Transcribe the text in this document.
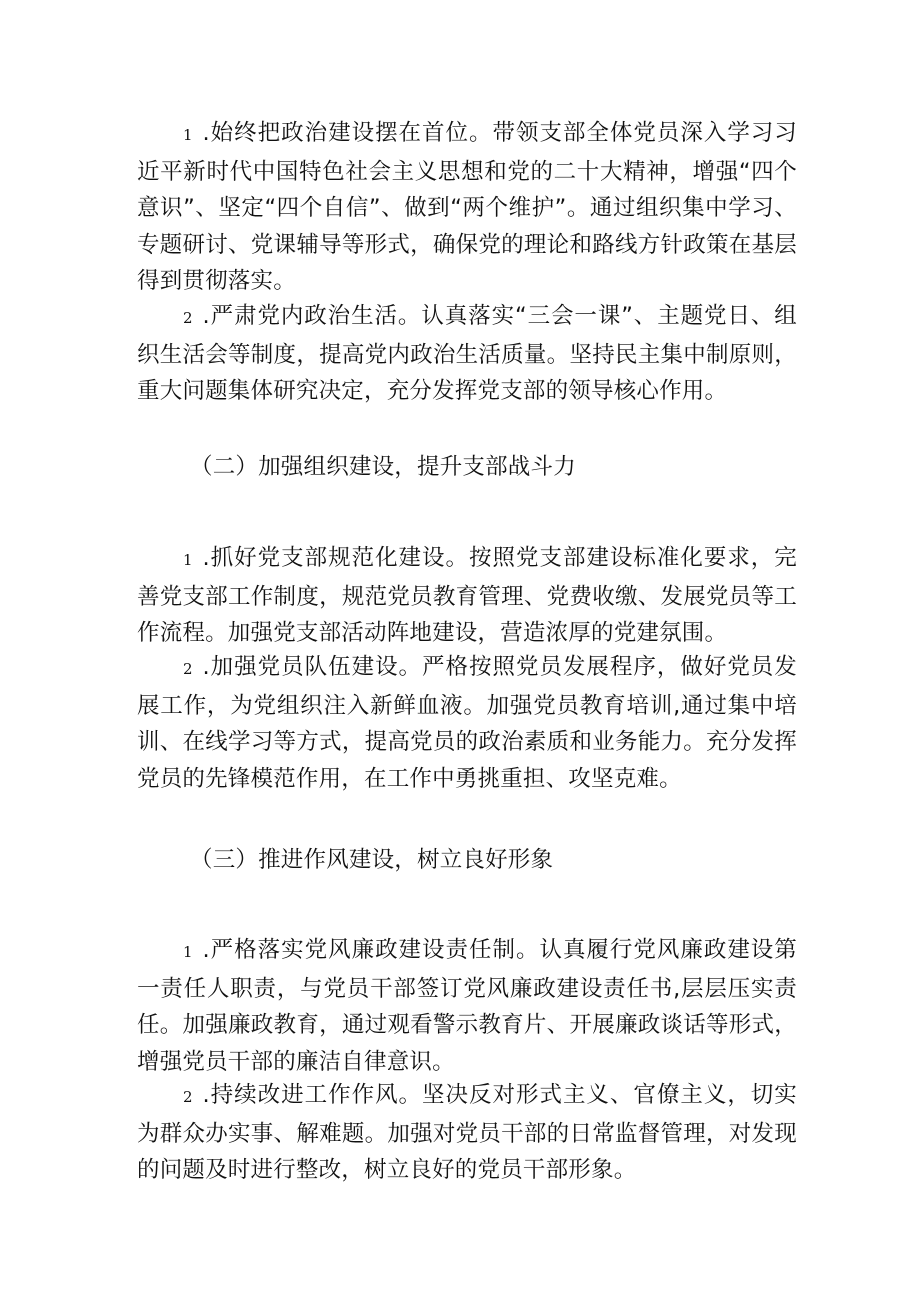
1 .始终把政治建设摆在首位。带领支部全体党员深入学习习近平新时代中国特色社会主义思想和党的二十大精神，增强“四个意识”、坚定“四个自信”、做到“两个维护”。通过组织集中学习、专题研讨、党课辅导等形式，确保党的理论和路线方针政策在基层得到贯彻落实。

2 .严肃党内政治生活。认真落实“三会一课”、主题党日、组织生活会等制度，提高党内政治生活质量。坚持民主集中制原则，重大问题集体研究决定，充分发挥党支部的领导核心作用。

（二）加强组织建设，提升支部战斗力

1 .抓好党支部规范化建设。按照党支部建设标准化要求，完善党支部工作制度，规范党员教育管理、党费收缴、发展党员等工作流程。加强党支部活动阵地建设，营造浓厚的党建氛围。

2 .加强党员队伍建设。严格按照党员发展程序，做好党员发展工作，为党组织注入新鲜血液。加强党员教育培训,通过集中培训、在线学习等方式，提高党员的政治素质和业务能力。充分发挥党员的先锋模范作用，在工作中勇挑重担、攻坚克难。

（三）推进作风建设，树立良好形象

1 .严格落实党风廉政建设责任制。认真履行党风廉政建设第一责任人职责，与党员干部签订党风廉政建设责任书,层层压实责任。加强廉政教育，通过观看警示教育片、开展廉政谈话等形式，增强党员干部的廉洁自律意识。

2 .持续改进工作作风。坚决反对形式主义、官僚主义，切实为群众办实事、解难题。加强对党员干部的日常监督管理，对发现的问题及时进行整改，树立良好的党员干部形象。
